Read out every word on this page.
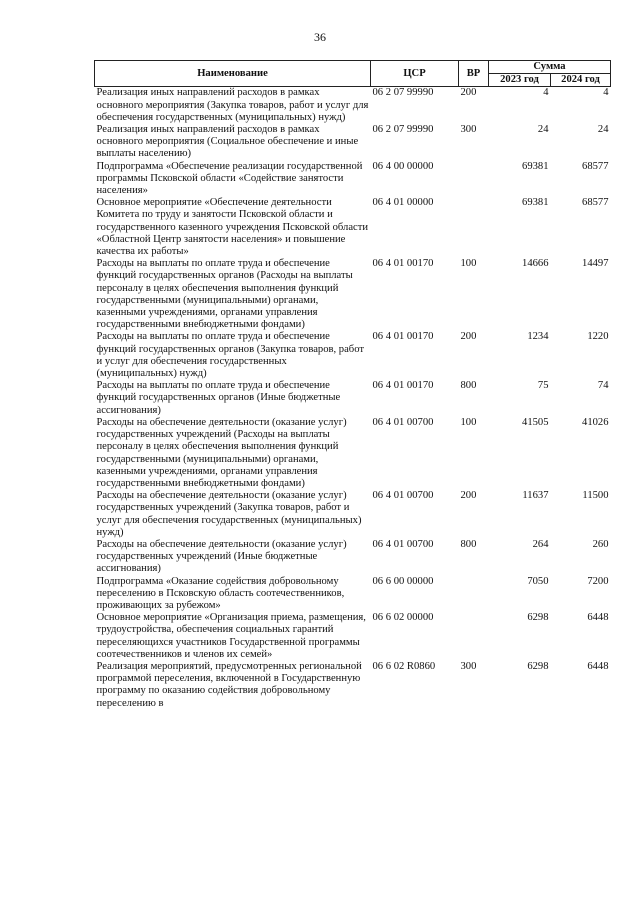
36
Наименование	ЦСР	ВР	Сумма	
			2023 год	2024 год
Реализация иных направлений расходов в рамках основного мероприятия (Закупка товаров, работ и услуг для обеспечения государственных (муниципальных) нужд)	06 2 07 99990	200	4	4
Реализация иных направлений расходов в рамках основного мероприятия (Социальное обеспечение и иные выплаты населению)	06 2 07 99990	300	24	24
Подпрограмма «Обеспечение реализации государственной программы Псковской области «Содействие занятости населения»	06 4 00 00000		69381	68577
Основное мероприятие «Обеспечение деятельности Комитета по труду и занятости Псковской области и государственного казенного учреждения Псковской области «Областной Центр занятости населения» и повышение качества их работы»	06 4 01 00000		69381	68577
Расходы на выплаты по оплате труда и обеспечение функций государственных органов (Расходы на выплаты персоналу в целях обеспечения выполнения функций государственными (муниципальными) органами, казенными учреждениями, органами управления государственными внебюджетными фондами)	06 4 01 00170	100	14666	14497
Расходы на выплаты по оплате труда и обеспечение функций государственных органов (Закупка товаров, работ и услуг для обеспечения государственных (муниципальных) нужд)	06 4 01 00170	200	1234	1220
Расходы на выплаты по оплате труда и обеспечение функций государственных органов (Иные бюджетные ассигнования)	06 4 01 00170	800	75	74
Расходы на обеспечение деятельности (оказание услуг) государственных учреждений (Расходы на выплаты персоналу в целях обеспечения выполнения функций государственными (муниципальными) органами, казенными учреждениями, органами управления государственными внебюджетными фондами)	06 4 01 00700	100	41505	41026
Расходы на обеспечение деятельности (оказание услуг) государственных учреждений (Закупка товаров, работ и услуг для обеспечения государственных (муниципальных) нужд)	06 4 01 00700	200	11637	11500
Расходы на обеспечение деятельности (оказание услуг) государственных учреждений (Иные бюджетные ассигнования)	06 4 01 00700	800	264	260
Подпрограмма «Оказание содействия добровольному переселению в Псковскую область соотечественников, проживающих за рубежом»	06 6 00 00000		7050	7200
Основное мероприятие «Организация приема, размещения, трудоустройства, обеспечения социальных гарантий переселяющихся участников Государственной программы соотечественников и членов их семей»	06 6 02 00000		6298	6448
Реализация мероприятий, предусмотренных региональной программой переселения, включенной в Государственную программу по оказанию содействия добровольному переселению в	06 6 02 R0860	300	6298	6448
